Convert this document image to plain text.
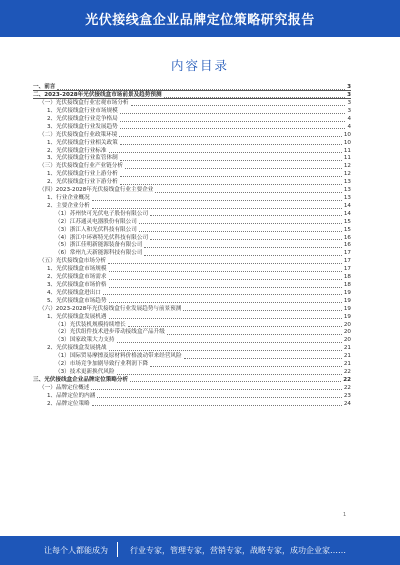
光伏接线盒企业品牌定位策略研究报告
内容目录
一、前言	3
二、2023-2028年光伏接线盒市场前景及趋势预测	3
（一）光伏接线盒行业宏观市场分析	3
1、光伏接线盒行业市场规模	3
2、光伏接线盒行业竞争格局	4
3、光伏接线盒行业发展趋势	4
（二）光伏接线盒行业政策环境	10
1、光伏接线盒行业相关政策	10
2、光伏接线盒行业标准	11
3、光伏接线盒行业监管体制	11
（三）光伏接线盒行业产业链分析	12
1、光伏接线盒行业上游分析	12
2、光伏接线盒行业下游分析	13
（四）2023-2028年光伏接线盒行业主要企业	13
1、行业企业概况	13
2、主要企业分析	14
（1）苏州快可光伏电子股份有限公司	14
（2）江苏通灵电器股份有限公司	15
（3）浙江人和光伏科技有限公司	15
（4）浙江中环赛特光伏科技有限公司	16
（5）浙江佳明新能源装备有限公司	16
（6）常州九天新能源科技有限公司	17
（五）光伏接线盒市场分析	17
1、光伏接线盒市场规模	17
2、光伏接线盒市场需求	18
3、光伏接线盒市场价格	18
4、光伏接线盒进出口	19
5、光伏接线盒市场趋势	19
（六）2023-2028年光伏接线盒行业发展趋势与前景预测	19
1、光伏接线盒发展机遇	19
（1）光伏装机规模持续增长	20
（2）光伏组件技术进步带动接线盒产品升级	20
（3）国家政策大力支持	20
2、光伏接线盒发展挑战	21
（1）国际贸易摩擦及原材料价格波动带来经营风险	21
（2）市场竞争加剧导致行业利润下降	21
（3）技术更新换代风险	22
三、光伏接线盒企业品牌定位策略分析	22
（一）品牌定位概述	22
1、品牌定位的内涵	23
2、品牌定位策略	24
1
让每个人都能成为	行业专家，管理专家，营销专家，战略专家，成功企业家……
